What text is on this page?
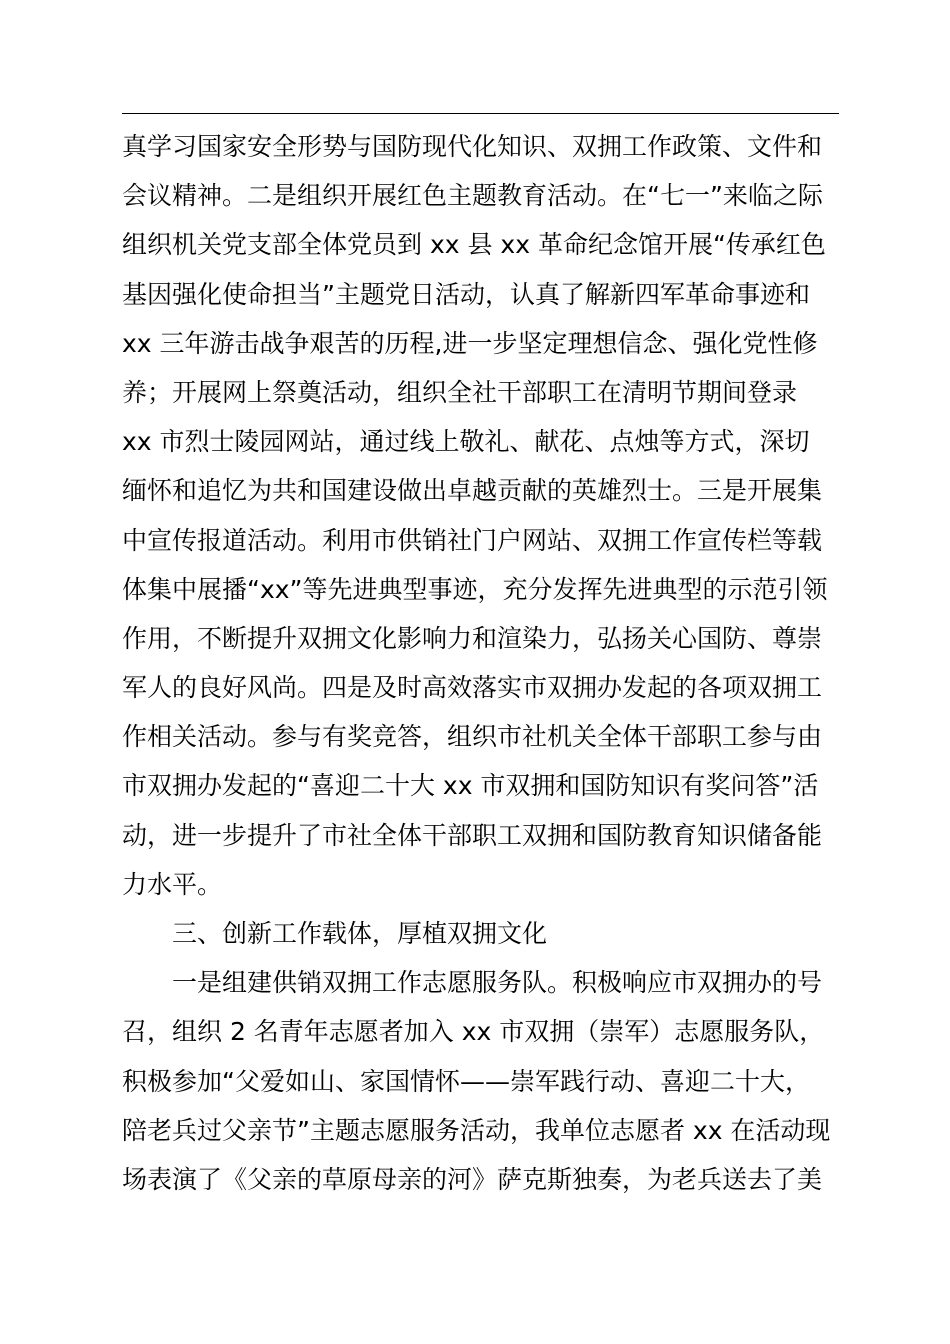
真学习国家安全形势与国防现代化知识、双拥工作政策、文件和
会议精神。二是组织开展红色主题教育活动。在“七一”来临之际
组织机关党支部全体党员到 xx 县 xx 革命纪念馆开展“传承红色
基因强化使命担当”主题党日活动，认真了解新四军革命事迹和
xx 三年游击战争艰苦的历程,进一步坚定理想信念、强化党性修
养；开展网上祭奠活动，组织全社干部职工在清明节期间登录
xx 市烈士陵园网站，通过线上敬礼、献花、点烛等方式，深切
缅怀和追忆为共和国建设做出卓越贡献的英雄烈士。三是开展集
中宣传报道活动。利用市供销社门户网站、双拥工作宣传栏等载
体集中展播“xx”等先进典型事迹，充分发挥先进典型的示范引领
作用，不断提升双拥文化影响力和渲染力，弘扬关心国防、尊崇
军人的良好风尚。四是及时高效落实市双拥办发起的各项双拥工
作相关活动。参与有奖竞答，组织市社机关全体干部职工参与由
市双拥办发起的“喜迎二十大 xx 市双拥和国防知识有奖问答”活
动，进一步提升了市社全体干部职工双拥和国防教育知识储备能
力水平。
三、创新工作载体，厚植双拥文化
一是组建供销双拥工作志愿服务队。积极响应市双拥办的号
召，组织 2 名青年志愿者加入 xx 市双拥（崇军）志愿服务队，
积极参加“父爱如山、家国情怀——崇军践行动、喜迎二十大，
陪老兵过父亲节”主题志愿服务活动，我单位志愿者 xx 在活动现
场表演了《父亲的草原母亲的河》萨克斯独奏，为老兵送去了美
